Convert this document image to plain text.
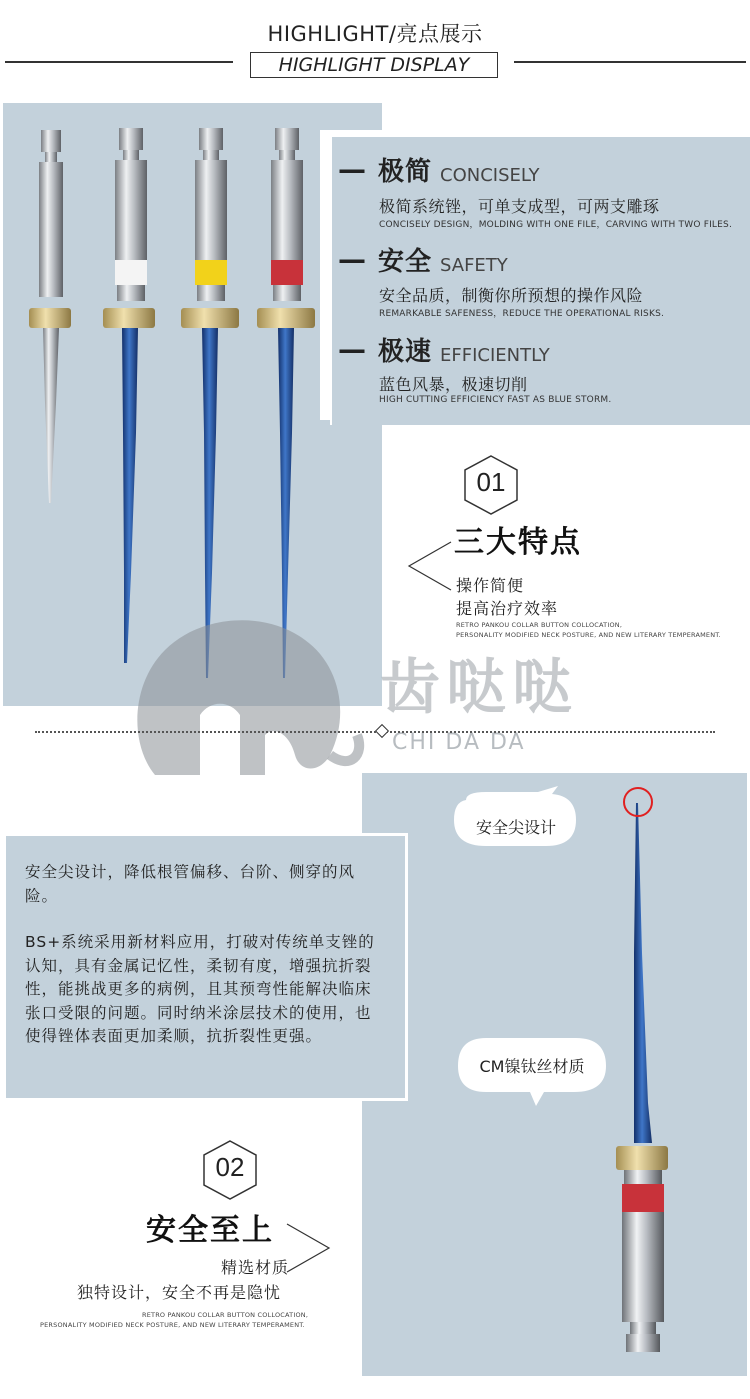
HIGHLIGHT/亮点展示
HIGHLIGHT DISPLAY
— 极简 CONCISELY
极简系统锉，可单支成型，可两支雕琢
CONCISELY DESIGN，MOLDING WITH ONE FILE，CARVING WITH TWO FILES.
— 安全 SAFETY
安全品质，制衡你所预想的操作风险
REMARKABLE SAFENESS，REDUCE THE OPERATIONAL RISKS.
— 极速 EFFICIENTLY
蓝色风暴，极速切削
HIGH CUTTING EFFICIENCY FAST AS BLUE STORM.
01
三大特点
操作简便
提高治疗效率
RETRO PANKOU COLLAR BUTTON COLLOCATION,
PERSONALITY MODIFIED NECK POSTURE, AND NEW LITERARY TEMPERAMENT.
齿哒哒
CHI DA DA
安全尖设计
CM镍钛丝材质
安全尖设计，降低根管偏移、台阶、侧穿的风险。
BS+系统采用新材料应用，打破对传统单支锉的认知，具有金属记忆性，柔韧有度，增强抗折裂性，能挑战更多的病例，且其预弯性能解决临床张口受限的问题。同时纳米涂层技术的使用，也使得锉体表面更加柔顺，抗折裂性更强。
02
安全至上
精选材质
独特设计，安全不再是隐忧
RETRO PANKOU COLLAR BUTTON COLLOCATION,
PERSONALITY MODIFIED NECK POSTURE, AND NEW LITERARY TEMPERAMENT.
